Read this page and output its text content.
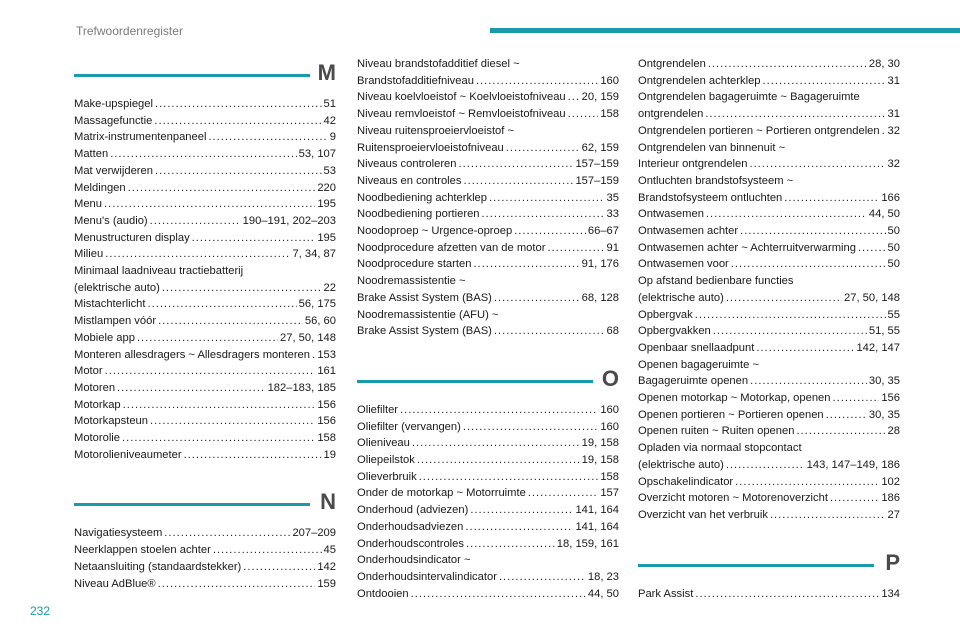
Trefwoordenregister
M
Make-upspiegel .....	51
Massagefunctie .....	42
Matrix-instrumentenpaneel .....	9
Matten .....	53, 107
Mat verwijderen .....	53
Meldingen .....	220
Menu .....	195
Menu's (audio) .....	190–191, 202–203
Menustructuren display .....	195
Milieu .....	7, 34, 87
Minimaal laadniveau tractiebatterij
(elektrische auto) .....	22
Mistachterlicht .....	56, 175
Mistlampen vóór .....	56, 60
Mobiele app .....	27, 50, 148
Monteren allesdragers ~ Allesdragers monteren ..... 153
Motor .....	161
Motoren .....	182–183, 185
Motorkap .....	156
Motorkapsteun .....	156
Motorolie .....	158
Motorolieniveaumeter .....	19
N
Navigatiesysteem .....	207–209
Neerklappen stoelen achter .....	45
Netaansluiting (standaardstekker) .....	142
Niveau AdBlue® .....	159
Niveau brandstofadditief diesel ~
Brandstofadditiefniveau .....	160
Niveau koelvloeistof ~ Koelvloeistofniveau ..... 20, 159
Niveau remvloeistof ~ Remvloeistofniveau .....	158
Niveau ruitensproeiervloeistof ~
Ruitensproeiervloeistofniveau .....	62, 159
Niveaus controleren .....	157–159
Niveaus en controles .....	157–159
Noodbediening achterklep .....	35
Noodbediening portieren .....	33
Noodoproep ~ Urgence-oproep .....	66–67
Noodprocedure afzetten van de motor .....	91
Noodprocedure starten .....	91, 176
Noodremassistentie ~
Brake Assist System (BAS) .....	68, 128
Noodremassistentie (AFU) ~
Brake Assist System (BAS) .....	68
O
Oliefilter .....	160
Oliefilter (vervangen) .....	160
Olieniveau .....	19, 158
Oliepeilstok .....	19, 158
Olieverbruik .....	158
Onder de motorkap ~ Motorruimte .....	157
Onderhoud (adviezen) .....	141, 164
Onderhoudsadviezen .....	141, 164
Onderhoudscontroles .....	18, 159, 161
Onderhoudsindicator ~
Onderhoudsintervalindicator .....	18, 23
Ontdooien .....	44, 50
Ontgrendelen .....	28, 30
Ontgrendelen achterklep .....	31
Ontgrendelen bagageruimte ~ Bagageruimte
ontgrendelen .....	31
Ontgrendelen portieren ~ Portieren ontgrendelen ..... 32
Ontgrendelen van binnenuit ~
Interieur ontgrendelen .....	32
Ontluchten brandstofsysteem ~
Brandstofsysteem ontluchten .....	166
Ontwasemen .....	44, 50
Ontwasemen achter .....	50
Ontwasemen achter ~ Achterruitverwarming .....	50
Ontwasemen voor .....	50
Op afstand bedienbare functies
(elektrische auto) .....	27, 50, 148
Opbergvak .....	55
Opbergvakken .....	51, 55
Openbaar snellaadpunt .....	142, 147
Openen bagageruimte ~
Bagageruimte openen .....	30, 35
Openen motorkap ~ Motorkap, openen .....	156
Openen portieren ~ Portieren openen .....	30, 35
Openen ruiten ~ Ruiten openen .....	28
Opladen via normaal stopcontact
(elektrische auto) .....	143, 147–149, 186
Opschakelindicator .....	102
Overzicht motoren ~ Motorenoverzicht .....	186
Overzicht van het verbruik .....	27
P
Park Assist .....	134
232
